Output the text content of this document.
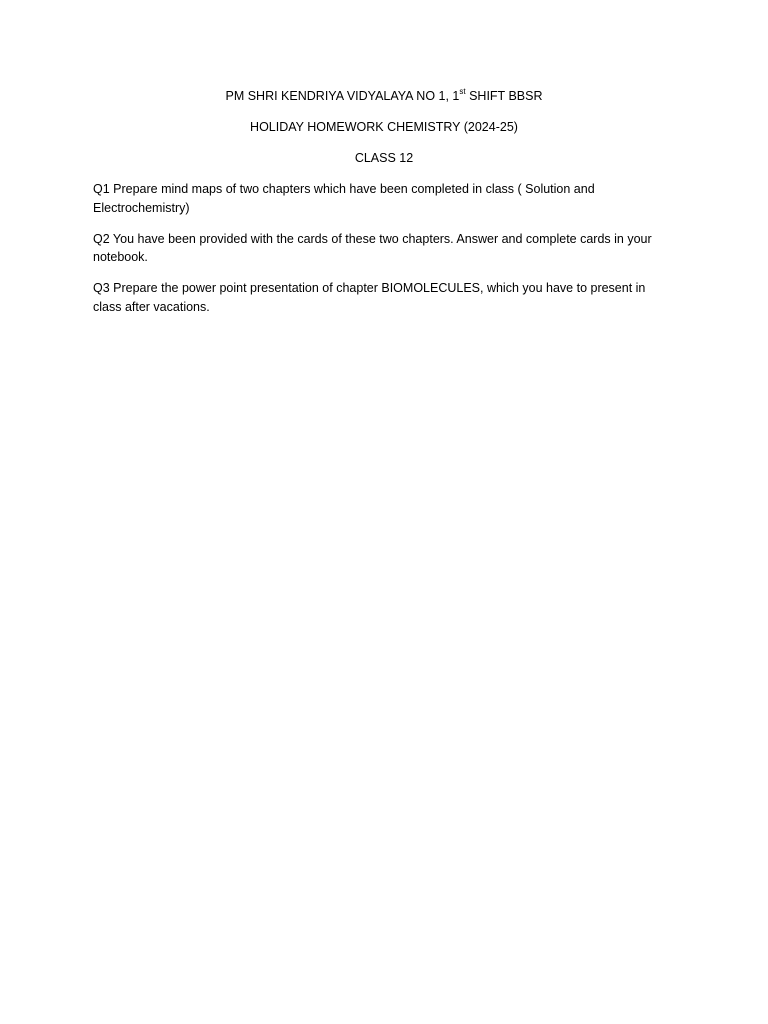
PM SHRI KENDRIYA VIDYALAYA NO 1, 1st SHIFT BBSR

HOLIDAY HOMEWORK CHEMISTRY (2024-25)

CLASS 12

Q1 Prepare mind maps of two chapters which have been completed in class ( Solution and Electrochemistry)

Q2 You have been provided with the cards of these two chapters. Answer and complete cards in your notebook.

Q3 Prepare the power point presentation of chapter BIOMOLECULES, which you have to present in class after vacations.
